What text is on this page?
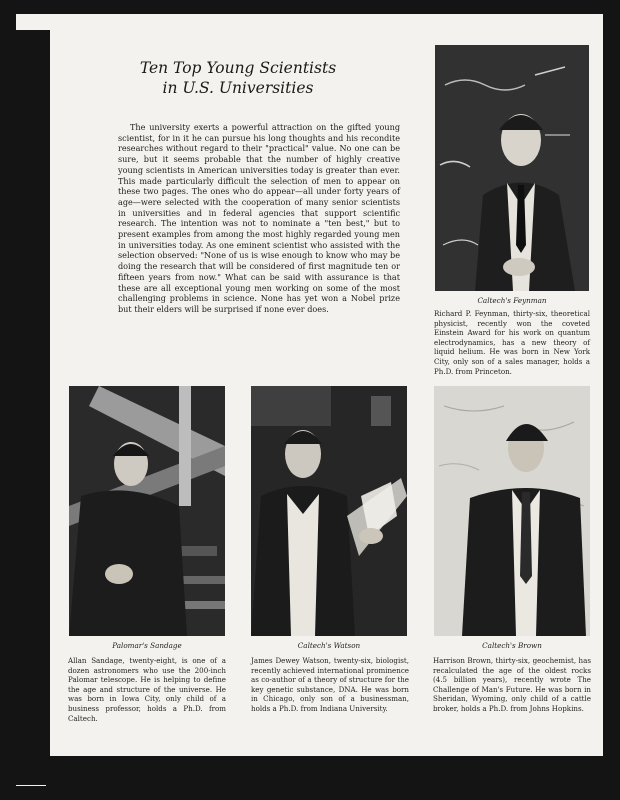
Ten Top Young Scientists
in U.S. Universities
The university exerts a powerful attraction on the gifted young scientist, for in it he can pursue his long thoughts and his recondite researches without regard to their "practical" value. No one can be sure, but it seems probable that the number of highly creative young scientists in American universities today is greater than ever. This made particularly difficult the selection of men to appear on these two pages. The ones who do appear—all under forty years of age—were selected with the cooperation of many senior scientists in universities and in federal agencies that support scientific research. The intention was not to nominate a "ten best," but to present examples from among the most highly regarded young men in universities today. As one eminent scientist who assisted with the selection observed: "None of us is wise enough to know who may be doing the research that will be considered of first magnitude ten or fifteen years from now." What can be said with assurance is that these are all exceptional young men working on some of the most challenging problems in science. None has yet won a Nobel prize but their elders will be surprised if none ever does.
Caltech's Feynman
Richard P. Feynman, thirty-six, theoretical physicist, recently won the coveted Einstein Award for his work on quantum electrodynamics, has a new theory of liquid helium. He was born in New York City, only son of a sales manager, holds a Ph.D. from Princeton.
Palomar's Sandage
Allan Sandage, twenty-eight, is one of a dozen astronomers who use the 200-inch Palomar telescope. He is helping to define the age and structure of the universe. He was born in Iowa City, only child of a business professor, holds a Ph.D. from Caltech.
Caltech's Watson
James Dewey Watson, twenty-six, biologist, recently achieved international prominence as co-author of a theory of structure for the key genetic substance, DNA. He was born in Chicago, only son of a businessman, holds a Ph.D. from Indiana University.
Caltech's Brown
Harrison Brown, thirty-six, geochemist, has recalculated the age of the oldest rocks (4.5 billion years), recently wrote The Challenge of Man's Future. He was born in Sheridan, Wyoming, only child of a cattle broker, holds a Ph.D. from Johns Hopkins.
